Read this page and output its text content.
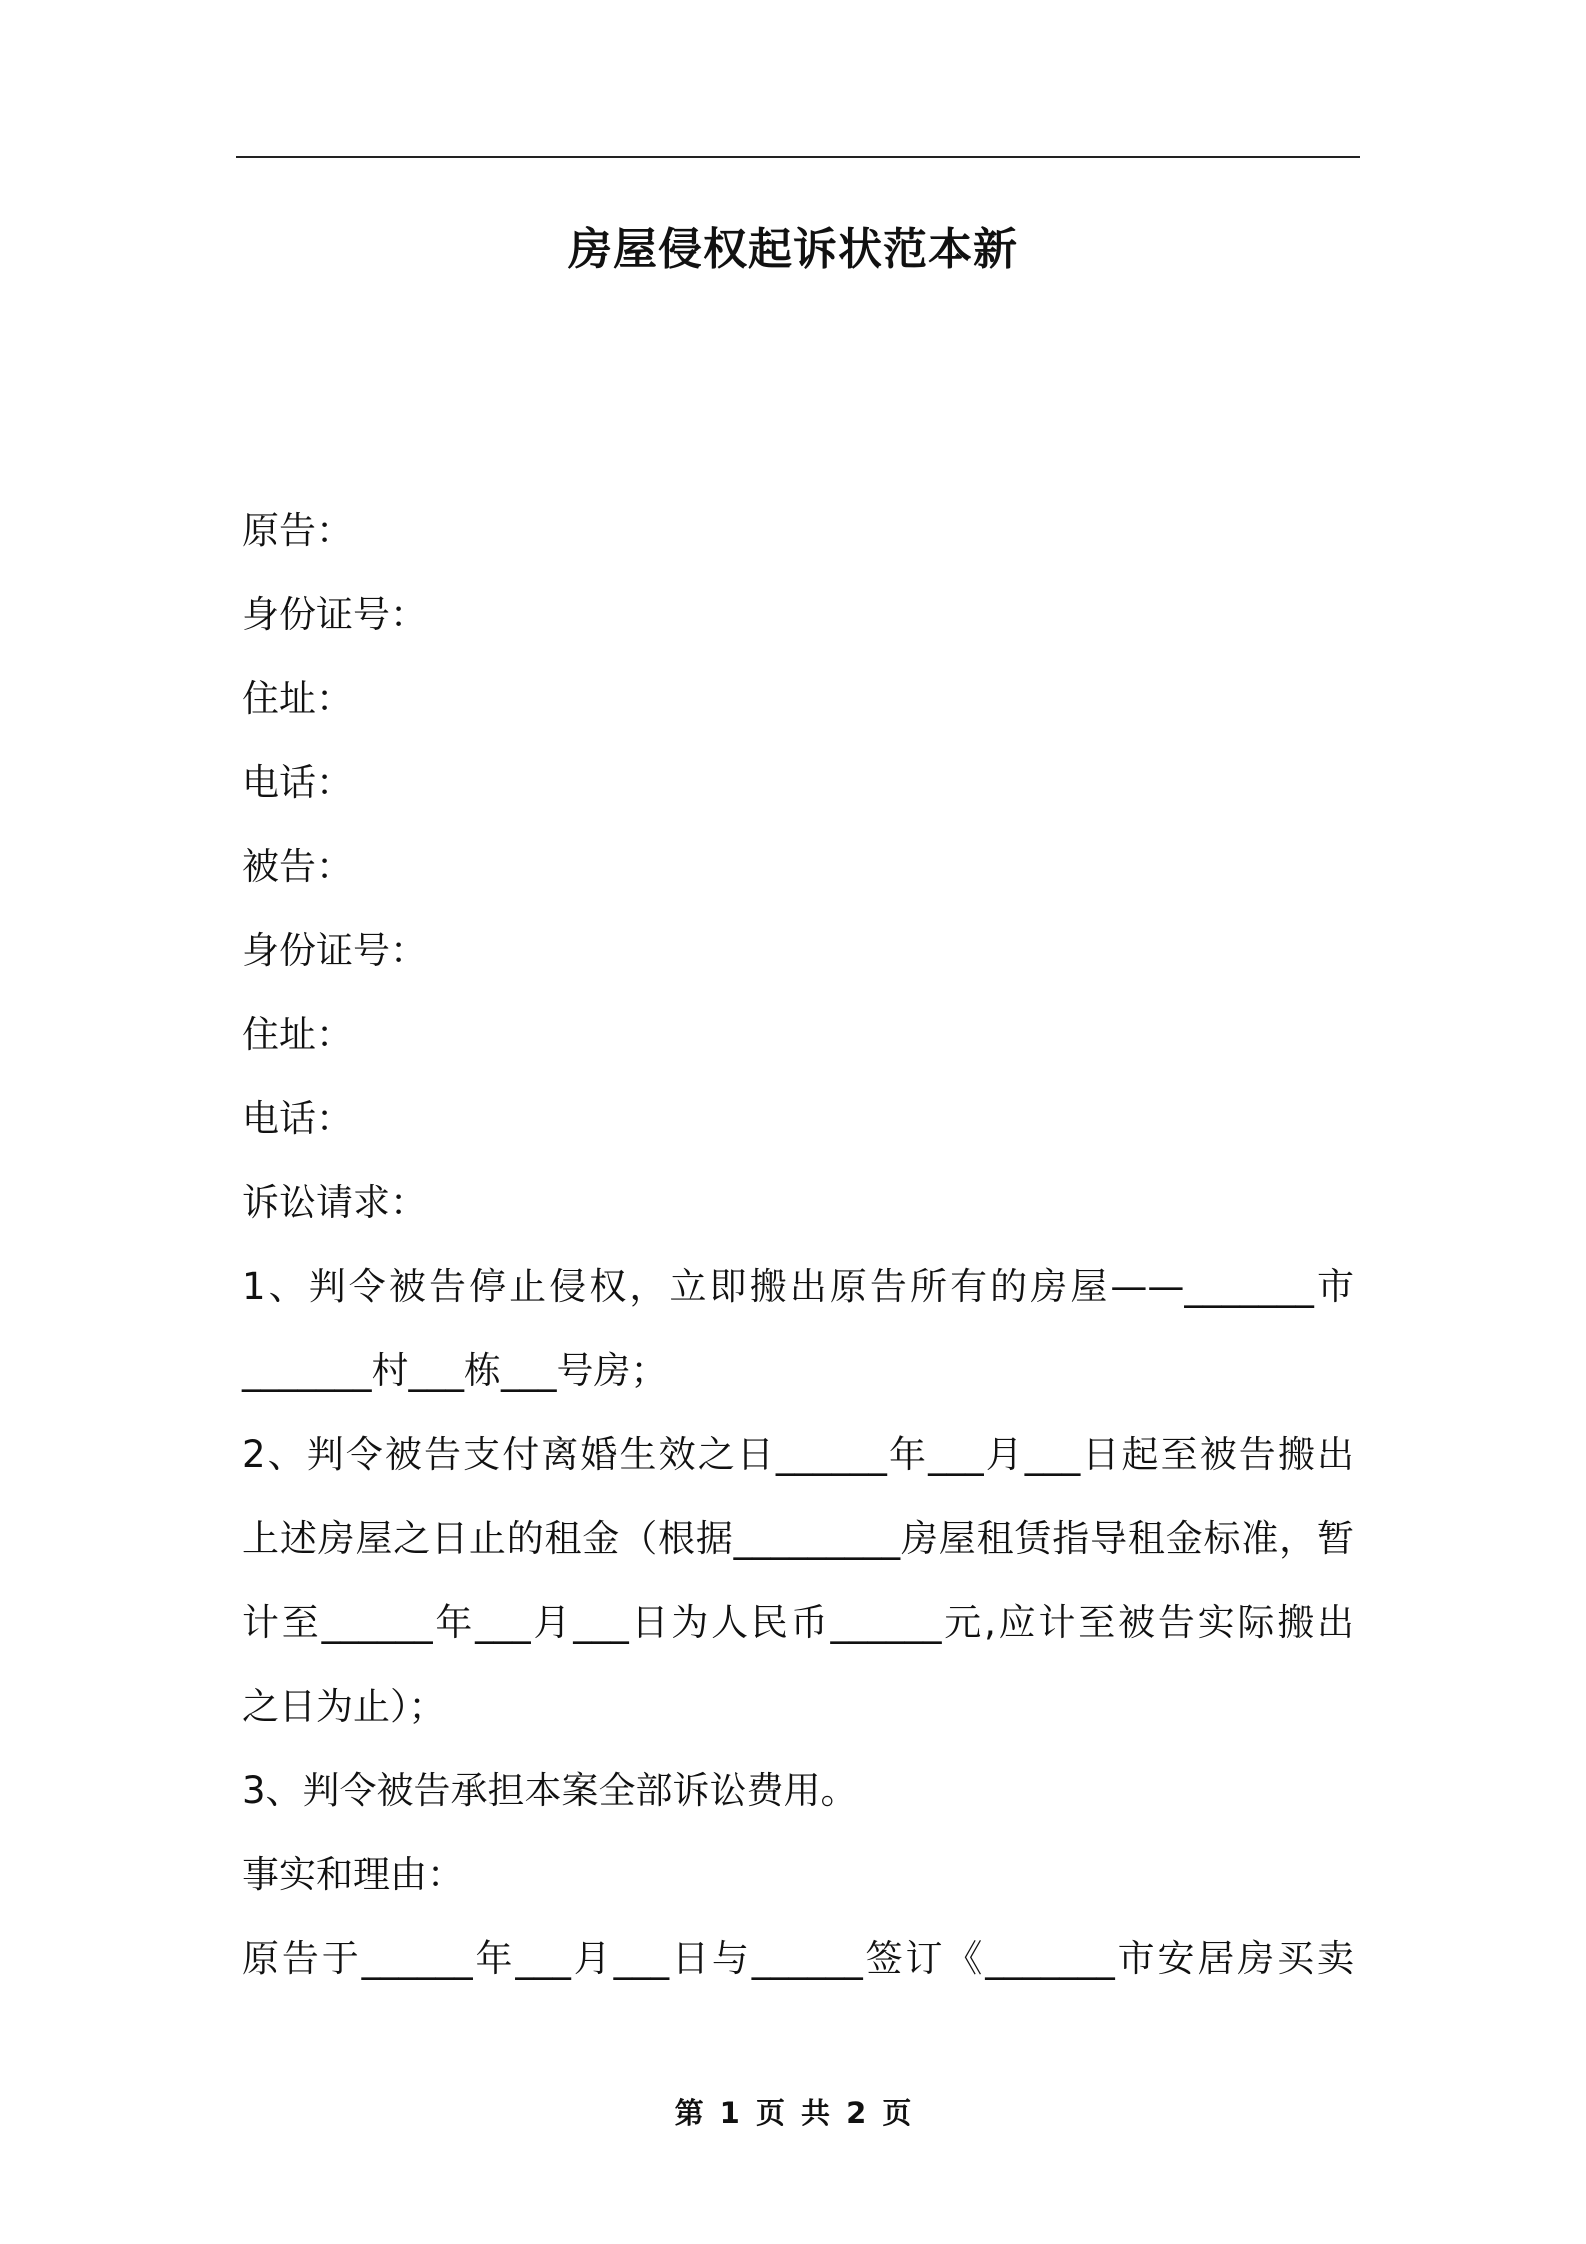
房屋侵权起诉状范本新
原告：
身份证号：
住址：
电话：
被告：
身份证号：
住址：
电话：
诉讼请求：
1、判令被告停止侵权，立即搬出原告所有的房屋——_______市
_______村___栋___号房；
2、判令被告支付离婚生效之日______年___月___日起至被告搬出
上述房屋之日止的租金（根据_________房屋租赁指导租金标准，暂
计至______年___月___日为人民币______元,应计至被告实际搬出
之日为止）；
3、判令被告承担本案全部诉讼费用。
事实和理由：
原告于______年___月___日与______签订《_______市安居房买卖
第 1 页 共 2 页
